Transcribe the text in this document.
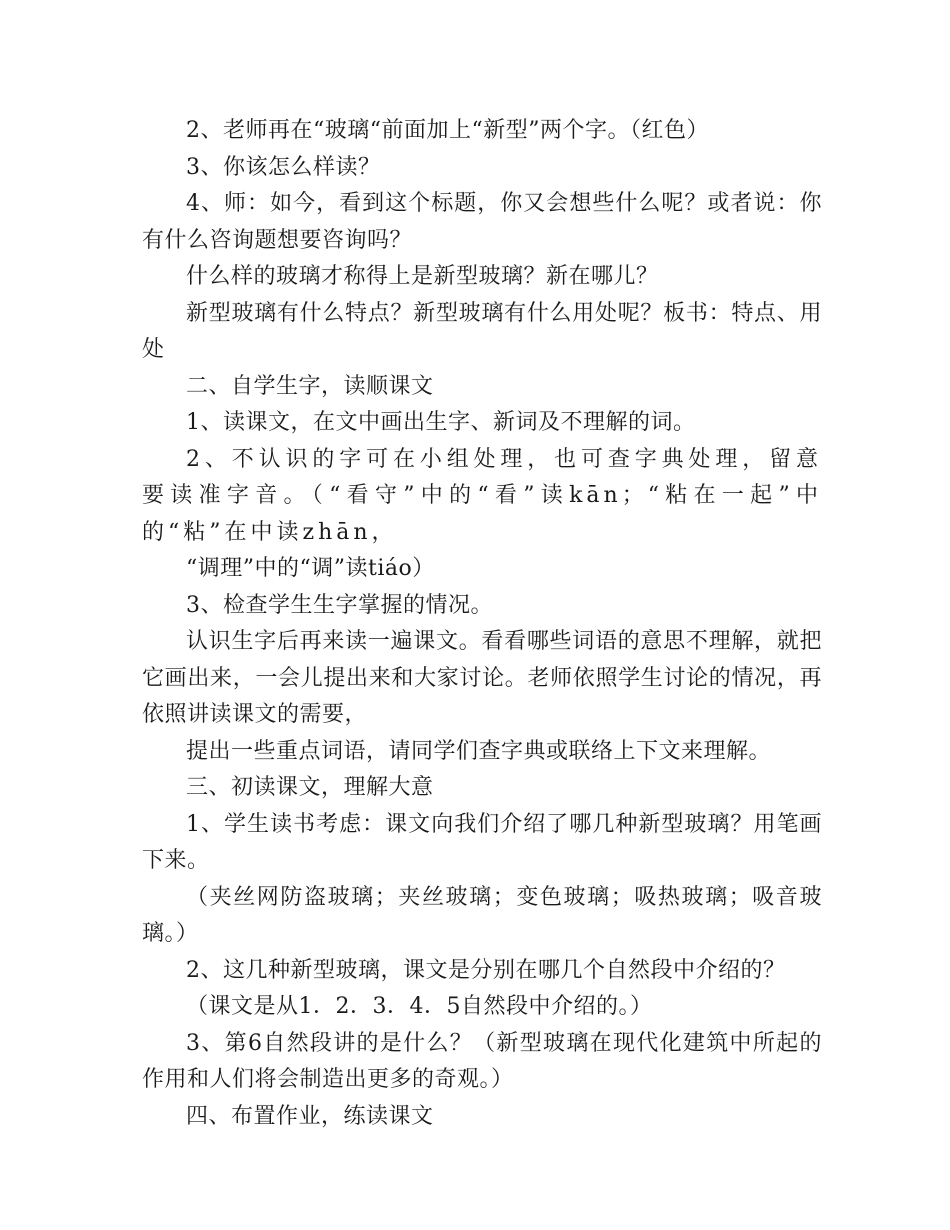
2、老师再在“玻璃“前面加上“新型”两个字。（红色）

3、你该怎么样读？

4、师：如今，看到这个标题，你又会想些什么呢？或者说：你有什么咨询题想要咨询吗？

什么样的玻璃才称得上是新型玻璃？新在哪儿？

新型玻璃有什么特点？新型玻璃有什么用处呢？板书：特点、用处

二、自学生字，读顺课文

1、读课文，在文中画出生字、新词及不理解的词。

2、不认识的字可在小组处理，也可查字典处理，留意要读准字音。（“看守”中的“看”读kān；“粘在一起”中的“粘”在中读zhān，

“调理”中的“调”读tiáo）

3、检查学生生字掌握的情况。

认识生字后再来读一遍课文。看看哪些词语的意思不理解，就把它画出来，一会儿提出来和大家讨论。老师依照学生讨论的情况，再依照讲读课文的需要，

提出一些重点词语，请同学们查字典或联络上下文来理解。

三、初读课文，理解大意

1、学生读书考虑：课文向我们介绍了哪几种新型玻璃？用笔画下来。

（夹丝网防盗玻璃；夹丝玻璃；变色玻璃；吸热玻璃；吸音玻璃。）

2、这几种新型玻璃，课文是分别在哪几个自然段中介绍的？

（课文是从1．2．3．4．5自然段中介绍的。）

3、第6自然段讲的是什么？（新型玻璃在现代化建筑中所起的作用和人们将会制造出更多的奇观。）

四、布置作业，练读课文
